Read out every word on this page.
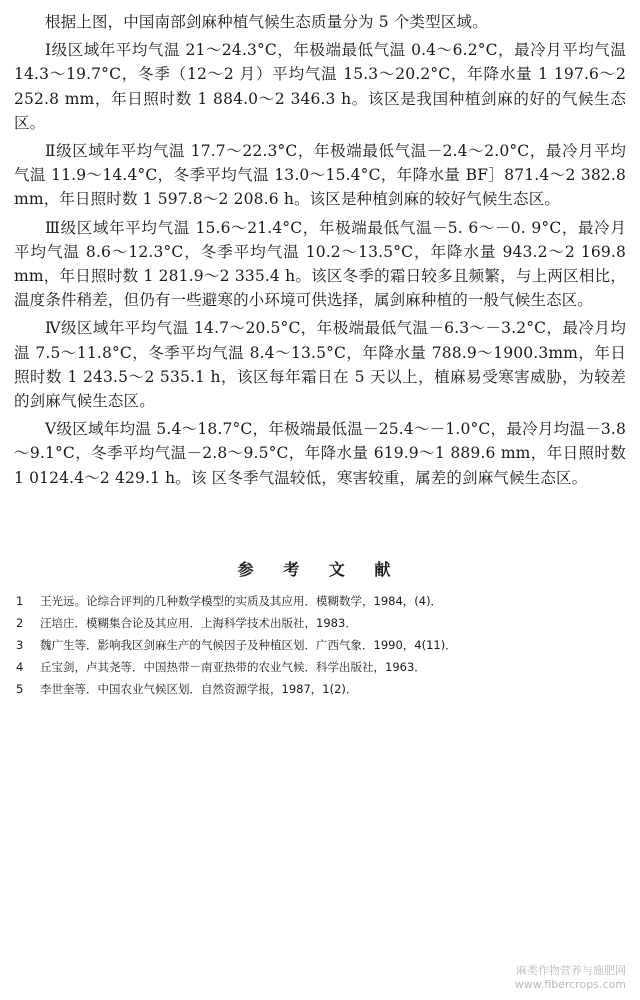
根据上图，中国南部剑麻种植气候生态质量分为 5 个类型区域。

Ⅰ级区域年平均气温 21～24.3°C，年极端最低气温 0.4～6.2°C，最冷月平均气温 14.3～19.7°C，冬季（12～2 月）平均气温 15.3～20.2°C，年降水量 1 197.6～2 252.8 mm，年日照时数 1 884.0～2 346.3 h。该区是我国种植剑麻的好的气候生态区。

Ⅱ级区域年平均气温 17.7～22.3°C，年极端最低气温－2.4～2.0°C，最冷月平均气温 11.9～14.4°C，冬季平均气温 13.0～15.4°C，年降水量 BF］871.4～2 382.8 mm，年日照时数 1 597.8～2 208.6 h。该区是种植剑麻的较好气候生态区。

Ⅲ级区域年平均气温 15.6～21.4°C，年极端最低气温－5. 6～－0. 9°C，最冷月平均气温 8.6～12.3°C，冬季平均气温 10.2～13.5°C，年降水量 943.2～2 169.8 mm，年日照时数 1 281.9～2 335.4 h。该区冬季的霜日较多且频繁，与上两区相比，温度条件稍差，但仍有一些避寒的小环境可供选择，属剑麻种植的一般气候生态区。

Ⅳ级区域年平均气温 14.7～20.5°C，年极端最低气温－6.3～－3.2°C，最冷月均温 7.5～11.8°C，冬季平均气温 8.4～13.5°C，年降水量 788.9～1900.3mm，年日照时数 1 243.5～2 535.1 h，该区每年霜日在 5 天以上，植麻易受寒害威胁，为较差的剑麻气候生态区。

Ⅴ级区域年均温 5.4～18.7°C，年极端最低温－25.4～－1.0°C，最冷月均温－3.8～9.1°C，冬季平均气温－2.8～9.5°C，年降水量 619.9～1 889.6 mm，年日照时数 1 0124.4～2 429.1 h。该 区冬季气温较低，寒害较重，属差的剑麻气候生态区。

参 考 文 献
1	王光远。论综合评判的几种数学模型的实质及其应用．模糊数学，1984，(4)．
2	汪培庄．模糊集合论及其应用．上海科学技术出版社，1983．
3	魏广生等．影响我区剑麻生产的气候因子及种植区划．广西气象．1990，4(11)．
4	丘宝剑，卢其尧等．中国热带－南亚热带的农业气候．科学出版社，1963．
5	李世奎等．中国农业气候区划．自然资源学报，1987，1(2)．
麻类作物营养与施肥网
www.fibercrops.com
